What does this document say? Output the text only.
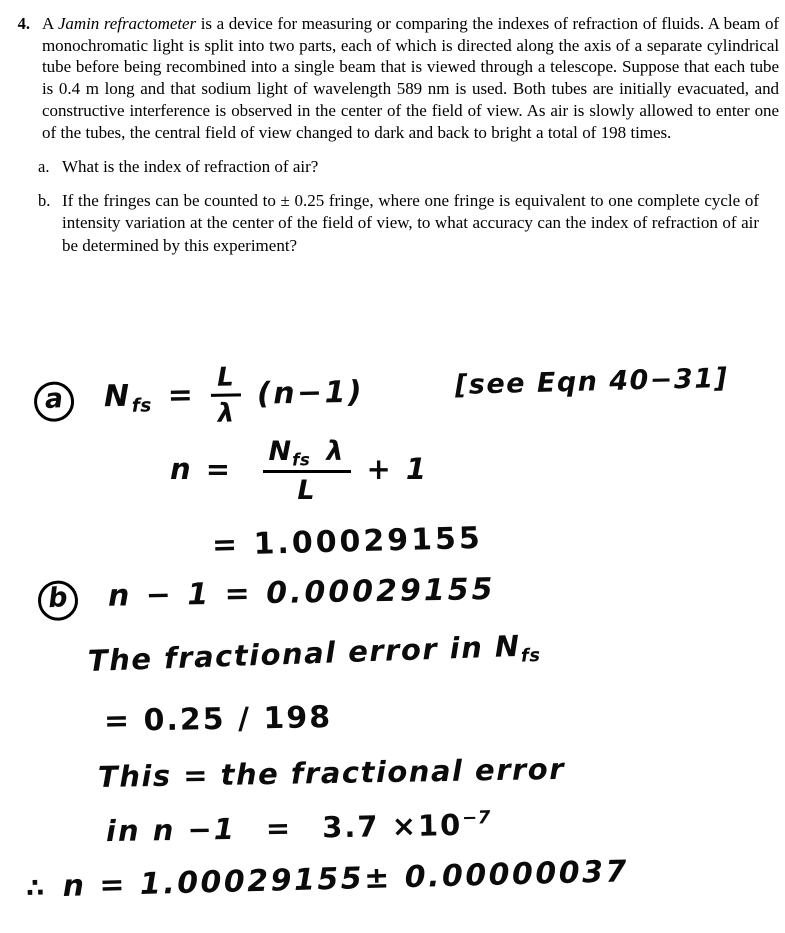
4. A Jamin refractometer is a device for measuring or comparing the indexes of refraction of fluids. A beam of monochromatic light is split into two parts, each of which is directed along the axis of a separate cylindrical tube before being recombined into a single beam that is viewed through a telescope. Suppose that each tube is 0.4 m long and that sodium light of wavelength 589 nm is used. Both tubes are initially evacuated, and constructive interference is observed in the center of the field of view. As air is slowly allowed to enter one of the tubes, the central field of view changed to dark and back to bright a total of 198 times.
a. What is the index of refraction of air?
b. If the fringes can be counted to ± 0.25 fringe, where one fringe is equivalent to one complete cycle of intensity variation at the center of the field of view, to what accuracy can the index of refraction of air be determined by this experiment?
a $N_{fs} = \frac{L}{\lambda} (n-1)$	[see Eqn 40−31]
$n = \frac{N_{fs} \lambda}{L} + 1$
= 1.00029155
b n − 1 = 0.00029155
The fractional error in $N_{fs}$
= 0.25 / 198
This = the fractional error
in $n -1 = 3.7 \times 10^{-7}$
∴ n = 1.00029155± 0.00000037
